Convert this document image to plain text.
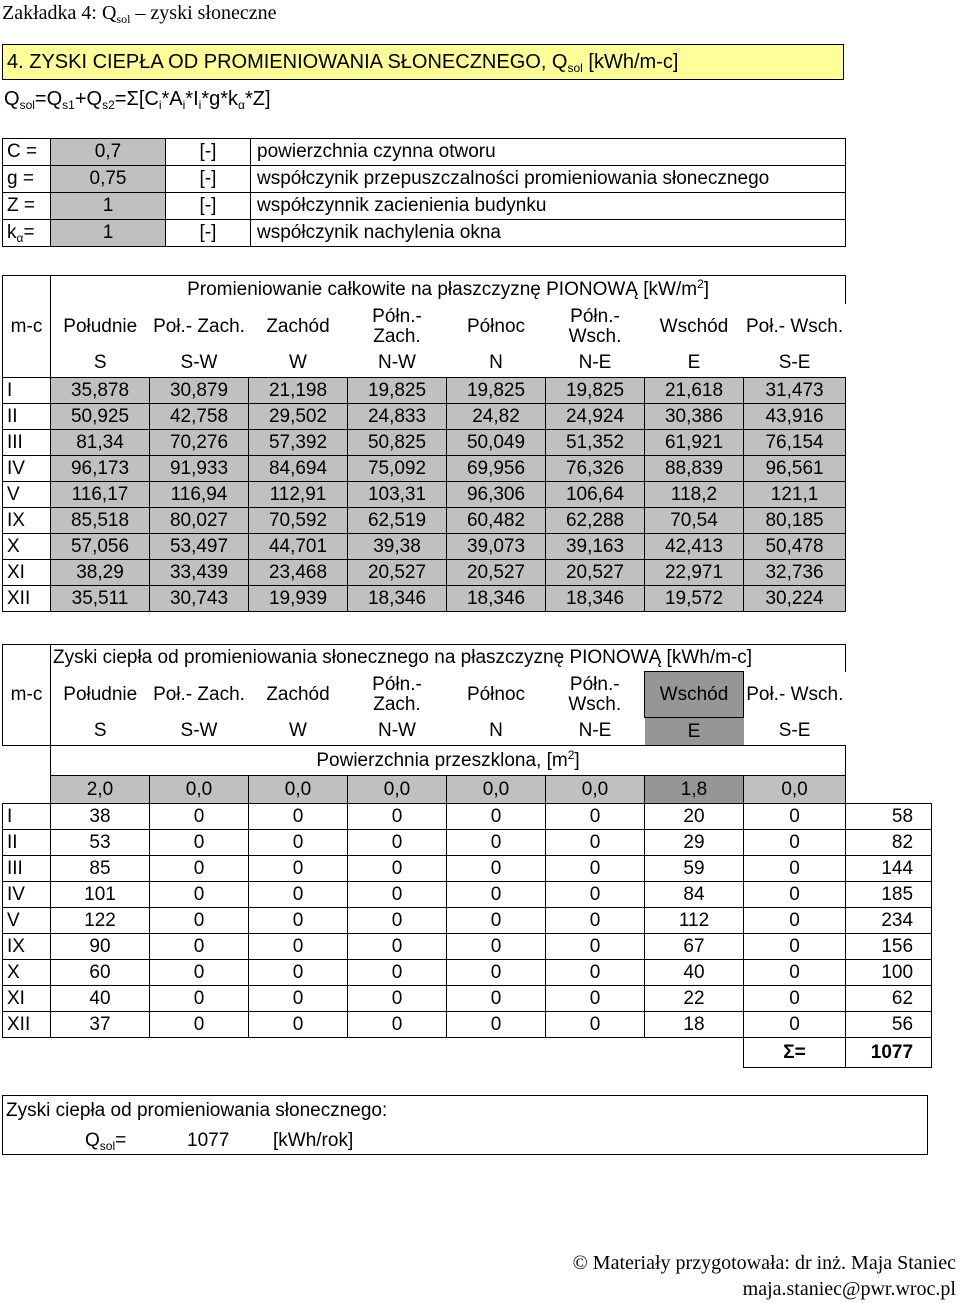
Zakładka 4: $Q_{sol}$ – zyski słoneczne
4. ZYSKI CIEPŁA OD PROMIENIOWANIA SŁONECZNEGO, $Q_{sol}$ [kWh/m-c]
$Q_{sol}=Q_{s1}+Q_{s2}=\Sigma[C_i*A_i*I_i*g*k_\alpha*Z]$
C =	0,7	[-]	powierzchnia czynna otworu
g =	0,75	[-]	współczynik przepuszczalności promieniowania słonecznego
Z =	1	[-]	współczynnik zacienienia budynku
$k_\alpha=$	1	[-]	współczynik nachylenia okna
m-c	Promieniowanie całkowite na płaszczyznę PIONOWĄ $[kW/m^2]$							
	Południe	Poł.- Zach.	Zachód	Półn.- Zach.	Północ	Półn.- Wsch.	Wschód	Poł.- Wsch.
	S	S-W	W	N-W	N	N-E	E	S-E
I	35,878	30,879	21,198	19,825	19,825	19,825	21,618	31,473
II	50,925	42,758	29,502	24,833	24,82	24,924	30,386	43,916
III	81,34	70,276	57,392	50,825	50,049	51,352	61,921	76,154
IV	96,173	91,933	84,694	75,092	69,956	76,326	88,839	96,561
V	116,17	116,94	112,91	103,31	96,306	106,64	118,2	121,1
IX	85,518	80,027	70,592	62,519	60,482	62,288	70,54	80,185
X	57,056	53,497	44,701	39,38	39,073	39,163	42,413	50,478
XI	38,29	33,439	23,468	20,527	20,527	20,527	22,971	32,736
XII	35,511	30,743	19,939	18,346	18,346	18,346	19,572	30,224
m-c	Zyski ciepła od promieniowania słonecznego na płaszczyznę PIONOWĄ [kWh/m-c]								
	Południe	Poł.- Zach.	Zachód	Półn.- Zach.	Północ	Półn.- Wsch.	Wschód	Poł.- Wsch.	
	S	S-W	W	N-W	N	N-E	E	S-E	
	Powierzchnia przeszklona, $[m^2]$								
	2,0	0,0	0,0	0,0	0,0	0,0	1,8	0,0	
I	38	0	0	0	0	0	20	0	58
II	53	0	0	0	0	0	29	0	82
III	85	0	0	0	0	0	59	0	144
IV	101	0	0	0	0	0	84	0	185
V	122	0	0	0	0	0	112	0	234
IX	90	0	0	0	0	0	67	0	156
X	60	0	0	0	0	0	40	0	100
XI	40	0	0	0	0	0	22	0	62
XII	37	0	0	0	0	0	18	0	56
								Σ=	1077
Zyski ciepła od promieniowania słonecznego:
$Q_{sol}=$	1077 [kWh/rok]
© Materiały przygotowała: dr inż. Maja Staniec
maja.staniec@pwr.wroc.pl
